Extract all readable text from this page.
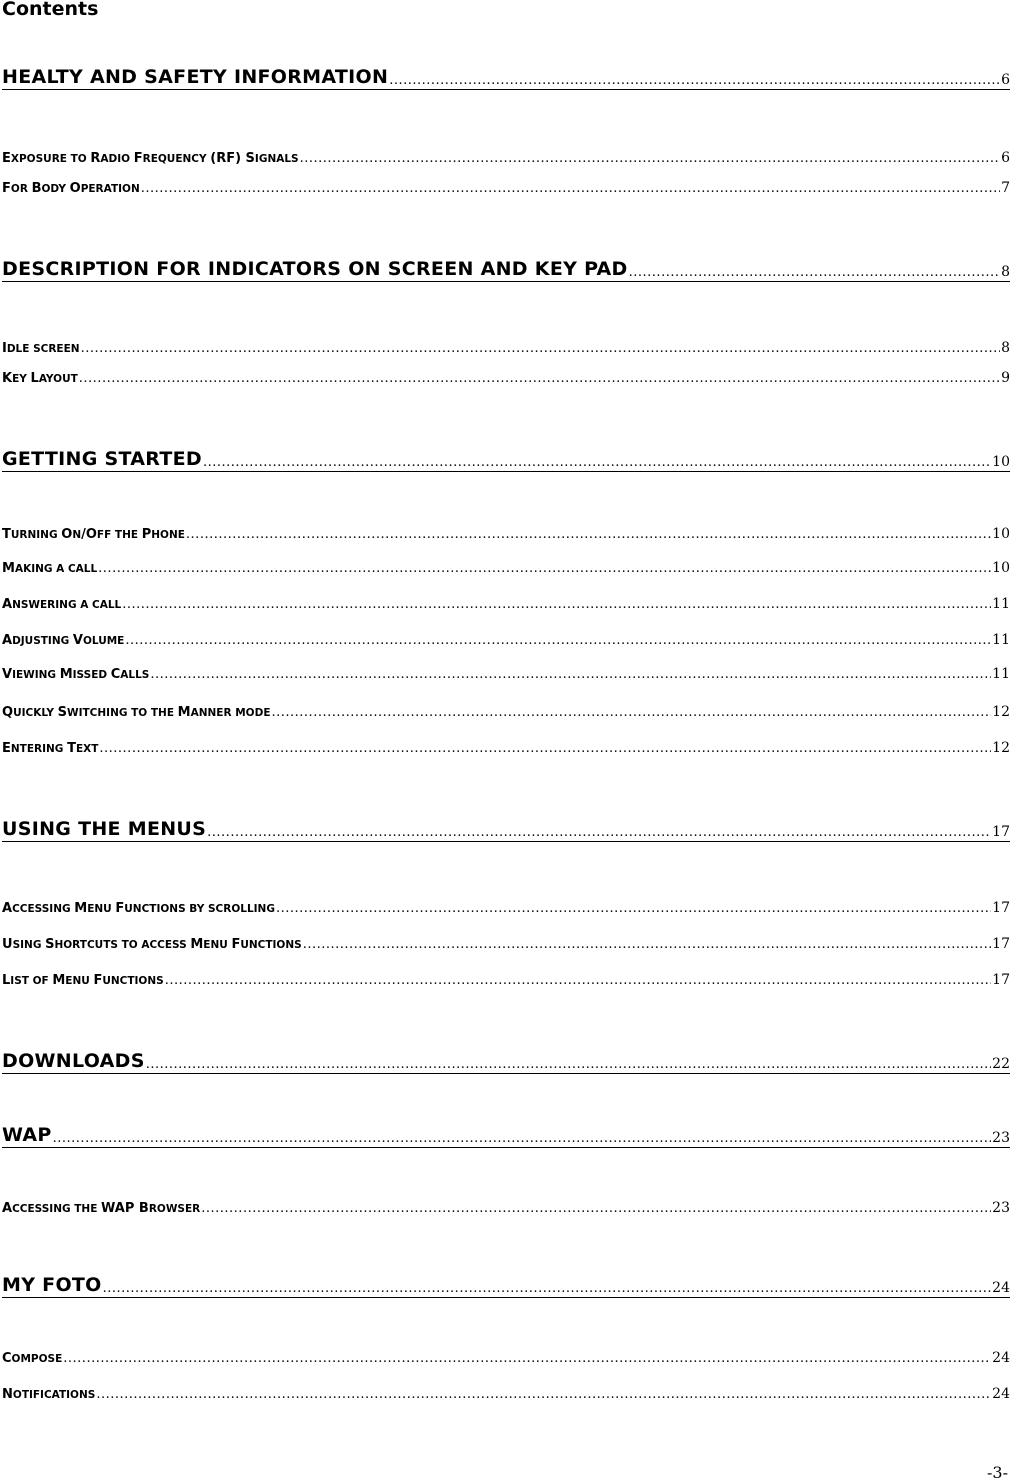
Contents
HEALTY AND SAFETY INFORMATION .....	6
EXPOSURE TO RADIO FREQUENCY (RF) SIGNALS .....	6
FOR BODY OPERATION .....	7
DESCRIPTION FOR INDICATORS ON SCREEN AND KEY PAD .....	8
IDLE SCREEN .....	8
KEY LAYOUT .....	9
GETTING STARTED .....	10
TURNING ON/OFF THE PHONE .....	10
MAKING A CALL .....	10
ANSWERING A CALL .....	11
ADJUSTING VOLUME .....	11
VIEWING MISSED CALLS .....	11
QUICKLY SWITCHING TO THE MANNER MODE .....	12
ENTERING TEXT .....	12
USING THE MENUS .....	17
ACCESSING MENU FUNCTIONS BY SCROLLING .....	17
USING SHORTCUTS TO ACCESS MENU FUNCTIONS .....	17
LIST OF MENU FUNCTIONS .....	17
DOWNLOADS .....	22
WAP .....	23
ACCESSING THE WAP BROWSER .....	23
MY FOTO .....	24
COMPOSE .....	24
NOTIFICATIONS .....	24
-3-
